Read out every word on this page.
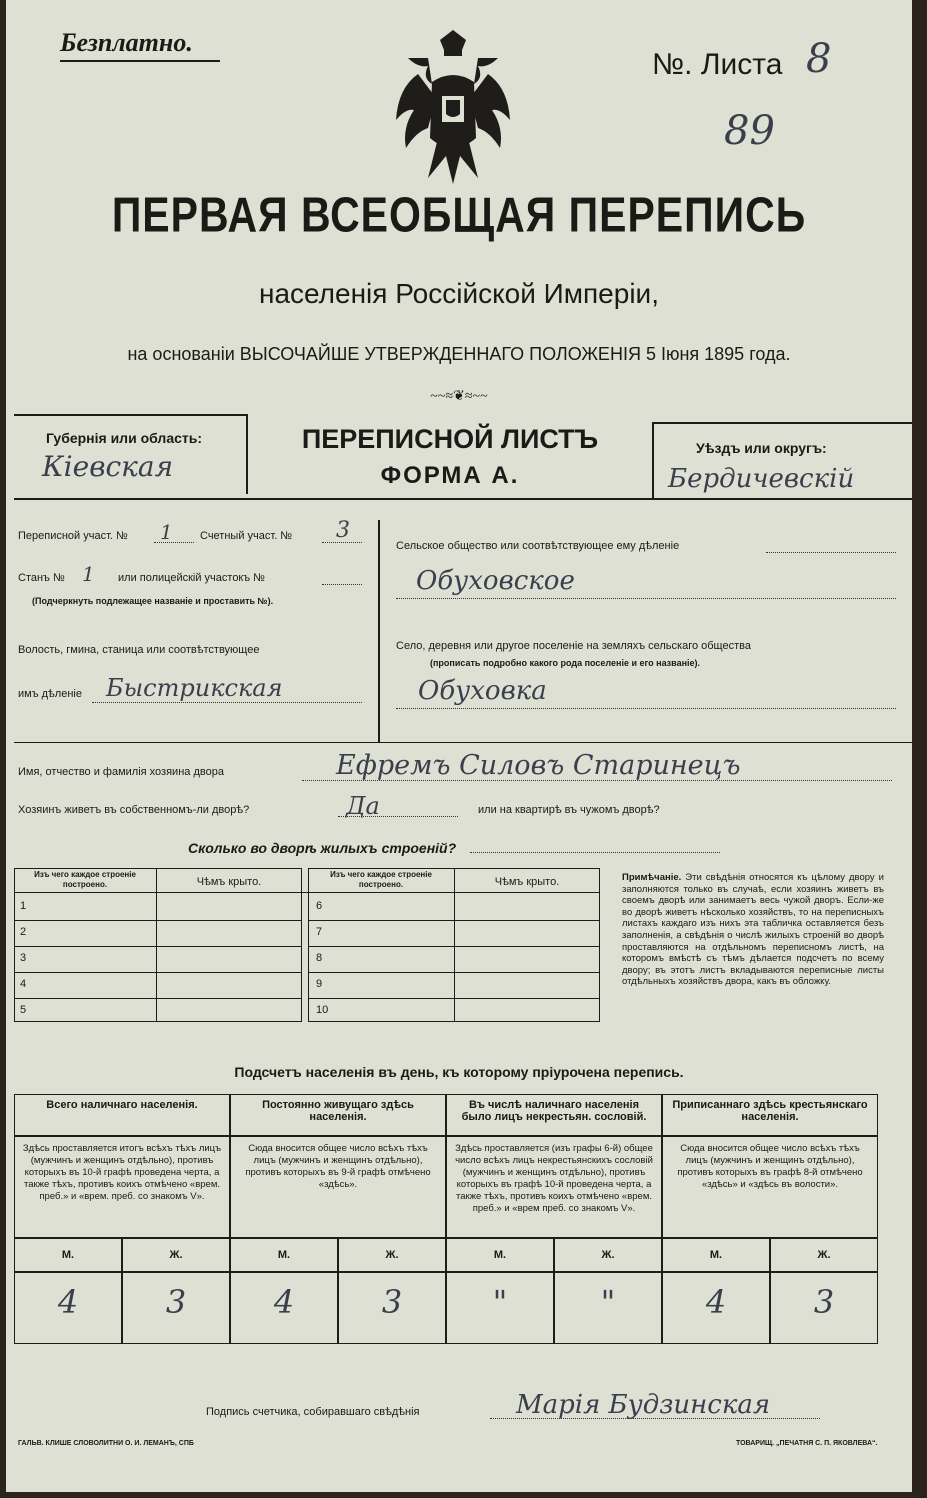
Безплатно.
№. Листа 8
89
ПЕРВАЯ ВСЕОБЩАЯ ПЕРЕПИСЬ
населенія Россійской Имперіи,
на основаніи ВЫСОЧАЙШЕ УТВЕРЖДЕННАГО ПОЛОЖЕНІЯ 5 Іюня 1895 года.
~~≈❦≈~~
Губернія или область:
Кіевская
ПЕРЕПИСНОЙ ЛИСТЪ
ФОРМА А.
Уѣздъ или округъ:
Бердичевскій
Переписной участ. № 1 Счетный участ. № 3
Станъ № 1 или полицейскій участокъ №
(Подчеркнуть подлежащее названіе и проставить №).
Волость, гмина, станица или соотвѣтствующее
имъ дѣленіе Быстрикская
Сельское общество или соотвѣтствующее ему дѣленіе
Обуховское
Село, деревня или другое поселеніе на земляхъ сельскаго общества
(прописать подробно какого рода поселеніе и его названіе).
Обуховка
Имя, отчество и фамилія хозяина двора	Ефремъ Силовъ Старинецъ
Хозяинъ живетъ въ собственномъ-ли дворѣ?	Да	или на квартирѣ въ чужомъ дворѣ?
Сколько во дворѣ жилыхъ строеній?
Изъ чего каждое строеніе построено.	Чѣмъ крыто.
Изъ чего каждое строеніе построено.	Чѣмъ крыто.
1
2
3
4
5
6
7
8
9
10
Примѣчаніе. Эти свѣдѣнія относятся къ цѣлому двору и заполняются только въ случаѣ, если хозяинъ живетъ въ своемъ дворѣ или занимаетъ весь чужой дворъ. Если-же во дворѣ живетъ нѣсколько хозяйствъ, то на переписныхъ листахъ каждаго изъ нихъ эта табличка оставляется безъ заполненія, а свѣдѣнія о числѣ жилыхъ строеній во дворѣ проставляются на отдѣльномъ переписномъ листѣ, на которомъ вмѣстѣ съ тѣмъ дѣлается подсчетъ по всему двору; въ этотъ листъ вкладываются переписные листы отдѣльныхъ хозяйствъ двора, какъ въ обложку.
Подсчетъ населенія въ день, къ которому пріурочена перепись.
Всего наличнаго населенія.
Здѣсь проставляется итогъ всѣхъ тѣхъ лицъ (мужчинъ и женщинъ отдѣльно), противъ которыхъ въ 10-й графѣ проведена черта, а также тѣхъ, противъ коихъ отмѣчено «врем. преб.» и «врем. преб. со знакомъ V».
М.	Ж.
4	3
Постоянно живущаго здѣсь населенія.
Сюда вносится общее число всѣхъ тѣхъ лицъ (мужчинъ и женщинъ отдѣльно), противъ которыхъ въ 9-й графѣ отмѣчено «здѣсь».
М.	Ж.
4	3
Въ числѣ наличнаго населенія было лицъ некрестьян. сословій.
Здѣсь проставляется (изъ графы 6-й) общее число всѣхъ лицъ некрестьянскихъ сословій (мужчинъ и женщинъ отдѣльно), противъ которыхъ въ графѣ 10-й проведена черта, а также тѣхъ, противъ коихъ отмѣчено «врем. преб.» и «врем преб. со знакомъ V».
М.	Ж.
"	"
Приписаннаго здѣсь крестьянскаго населенія.
Сюда вносится общее число всѣхъ тѣхъ лицъ (мужчинъ и женщинъ отдѣльно), противъ которыхъ въ графѣ 8-й отмѣчено «здѣсь» и «здѣсь въ волости».
М.	Ж.
4	3
Подпись счетчика, собиравшаго свѣдѣнія	Марія Будзинская
ГАЛЬВ. КЛИШЕ СЛОВОЛИТНИ О. И. ЛЕМАНЪ, СПБ	ТОВАРИЩ. „ПЕЧАТНЯ С. П. ЯКОВЛЕВА“.
